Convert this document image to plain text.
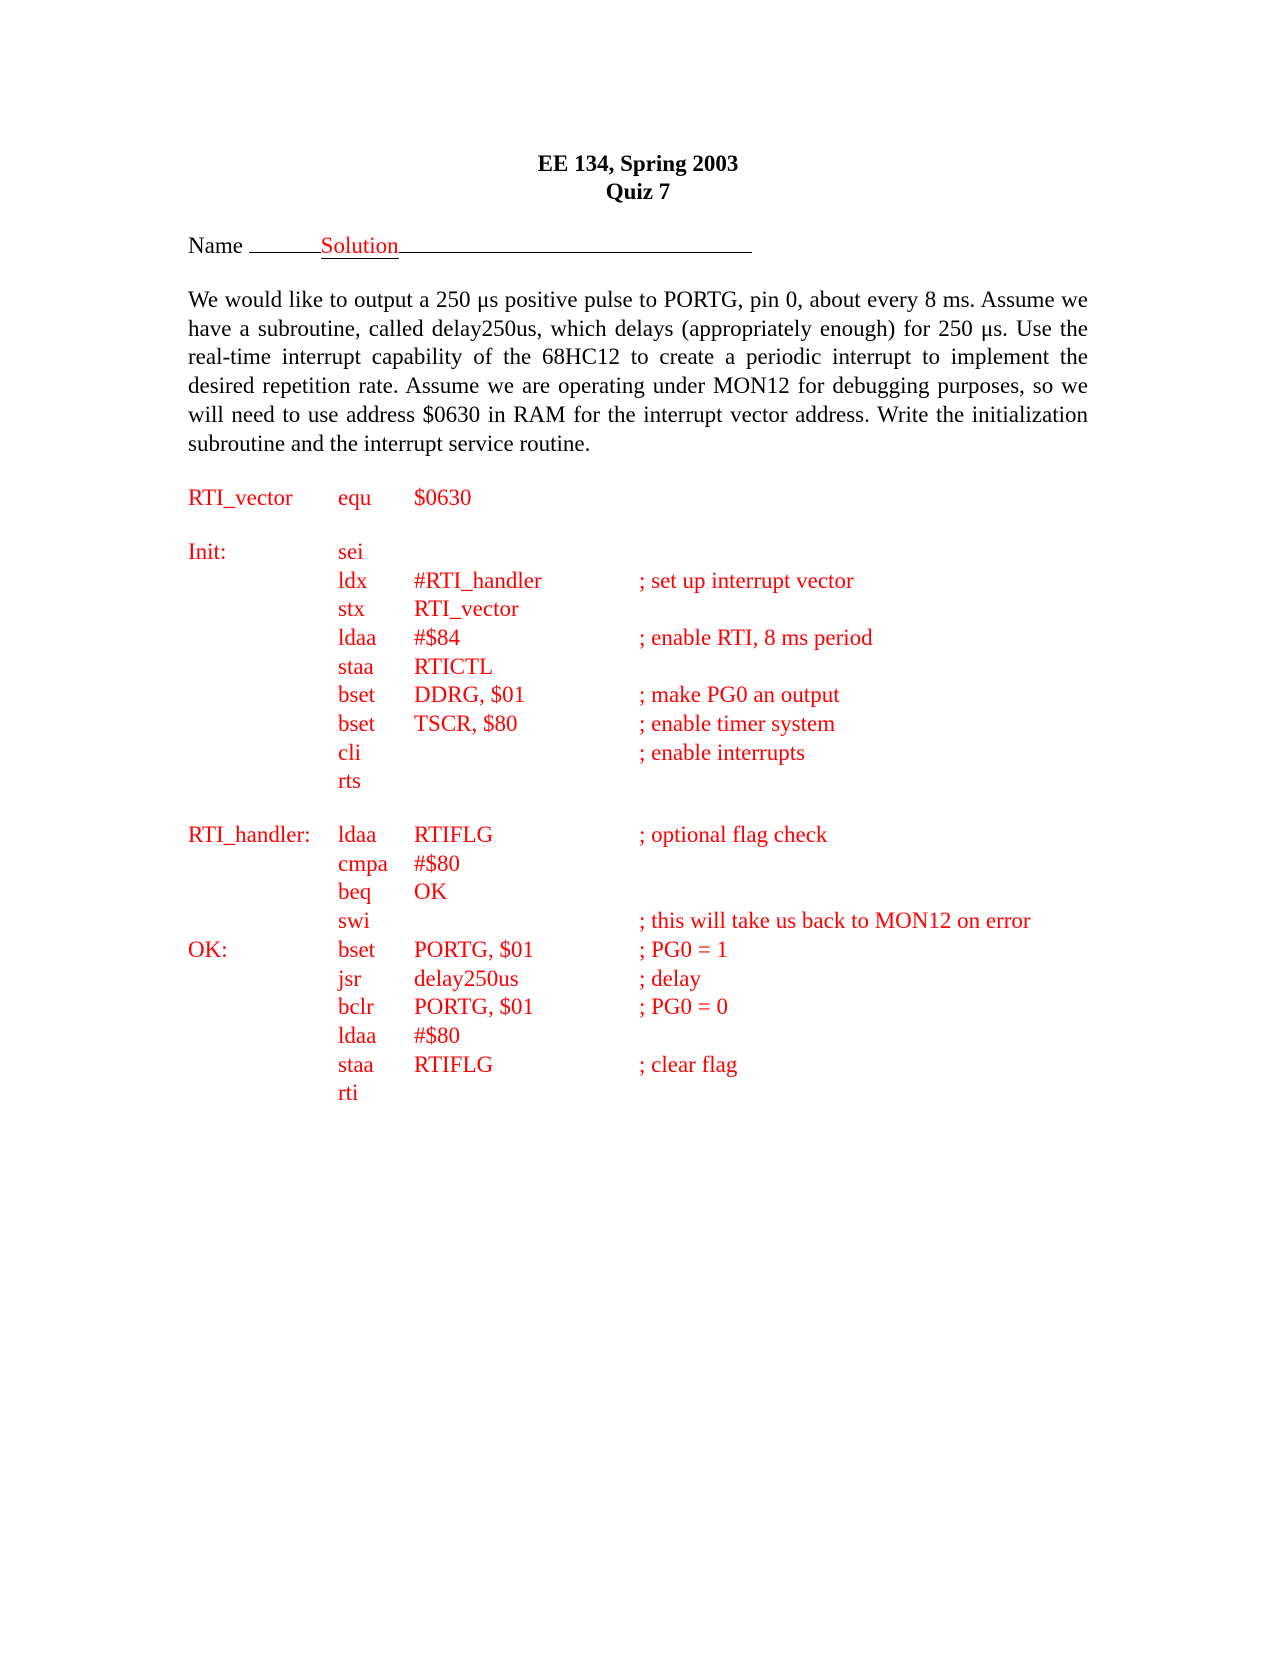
EE 134, Spring 2003
Quiz 7
Name	Solution
We would like to output a 250 μs positive pulse to PORTG, pin 0, about every 8 ms. Assume we have a subroutine, called delay250us, which delays (appropriately enough) for 250 μs. Use the real-time interrupt capability of the 68HC12 to create a periodic interrupt to implement the desired repetition rate. Assume we are operating under MON12 for debugging purposes, so we will need to use address $0630 in RAM for the interrupt vector address. Write the initialization subroutine and the interrupt service routine.
RTI_vector equ $0630
Init:	sei
ldx #RTI_handler	; set up interrupt vector
stx RTI_vector
ldaa #$84	; enable RTI, 8 ms period
staa RTICTL
bset DDRG, $01	; make PG0 an output
bset TSCR, $80	; enable timer system
cli	; enable interrupts
rts
RTI_handler: ldaa RTIFLG	; optional flag check
cmpa #$80
beq OK
swi	; this will take us back to MON12 on error
OK:	bset PORTG, $01	; PG0 = 1
jsr delay250us	; delay
bclr PORTG, $01	; PG0 = 0
ldaa #$80
staa RTIFLG	; clear flag
rti
